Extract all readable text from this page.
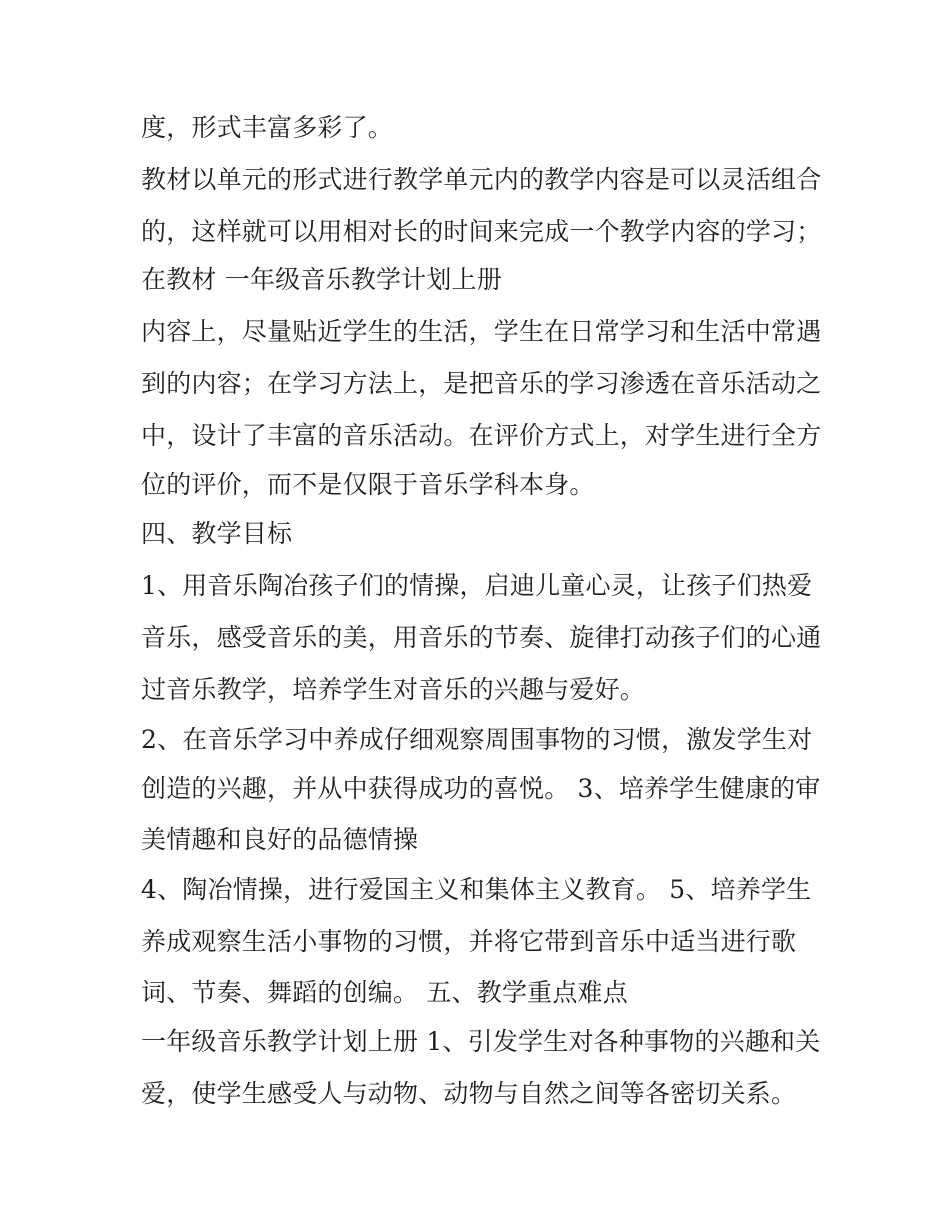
度，形式丰富多彩了。
教材以单元的形式进行教学单元内的教学内容是可以灵活组合
的，这样就可以用相对长的时间来完成一个教学内容的学习；
在教材 一年级音乐教学计划上册
内容上，尽量贴近学生的生活，学生在日常学习和生活中常遇
到的内容；在学习方法上，是把音乐的学习渗透在音乐活动之
中，设计了丰富的音乐活动。在评价方式上，对学生进行全方
位的评价，而不是仅限于音乐学科本身。
四、教学目标
1、用音乐陶冶孩子们的情操，启迪儿童心灵，让孩子们热爱
音乐，感受音乐的美，用音乐的节奏、旋律打动孩子们的心通
过音乐教学，培养学生对音乐的兴趣与爱好。
2、在音乐学习中养成仔细观察周围事物的习惯，激发学生对
创造的兴趣，并从中获得成功的喜悦。 3、培养学生健康的审
美情趣和良好的品德情操
4、陶冶情操，进行爱国主义和集体主义教育。 5、培养学生
养成观察生活小事物的习惯，并将它带到音乐中适当进行歌
词、节奏、舞蹈的创编。 五、教学重点难点
一年级音乐教学计划上册 1、引发学生对各种事物的兴趣和关
爱，使学生感受人与动物、动物与自然之间等各密切关系。
